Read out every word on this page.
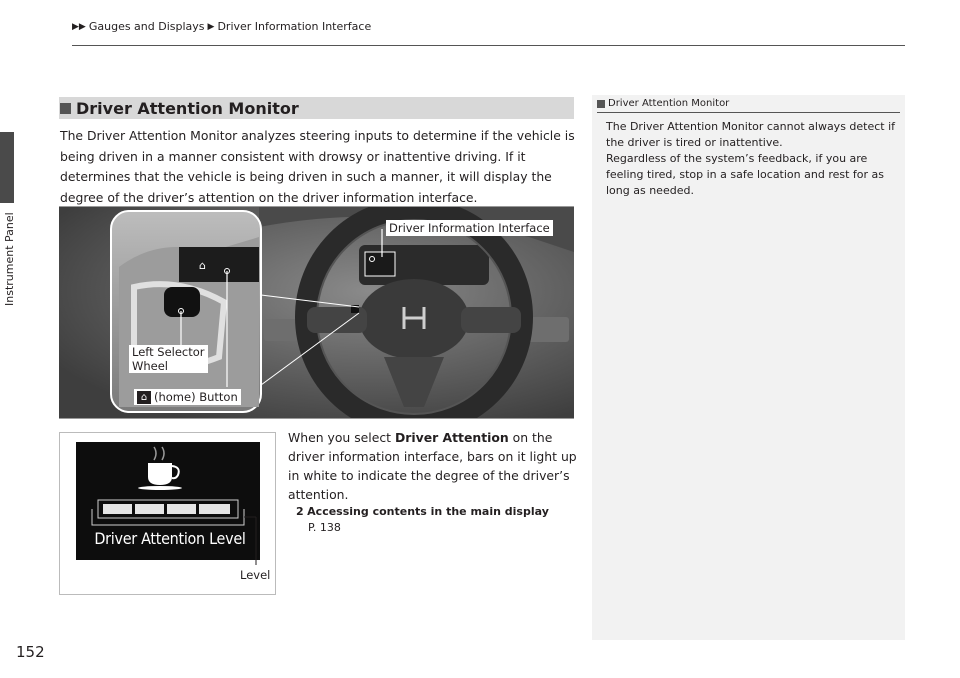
▶▶ Gauges and Displays ▶ Driver Information Interface
Instrument Panel
152
Driver Attention Monitor
The Driver Attention Monitor analyzes steering inputs to determine if the vehicle is being driven in a manner consistent with drowsy or inattentive driving. If it determines that the vehicle is being driven in such a manner, it will display the degree of the driver’s attention on the driver information interface.
⌂
Driver Information Interface
Left Selector
Wheel
⌂ (home) Button
Driver Attention Level
Level
When you select Driver Attention on the driver information interface, bars on it light up in white to indicate the degree of the driver’s attention.
2 Accessing contents in the main display
P. 138
Driver Attention Monitor

The Driver Attention Monitor cannot always detect if the driver is tired or inattentive.

Regardless of the system’s feedback, if you are feeling tired, stop in a safe location and rest for as long as needed.
